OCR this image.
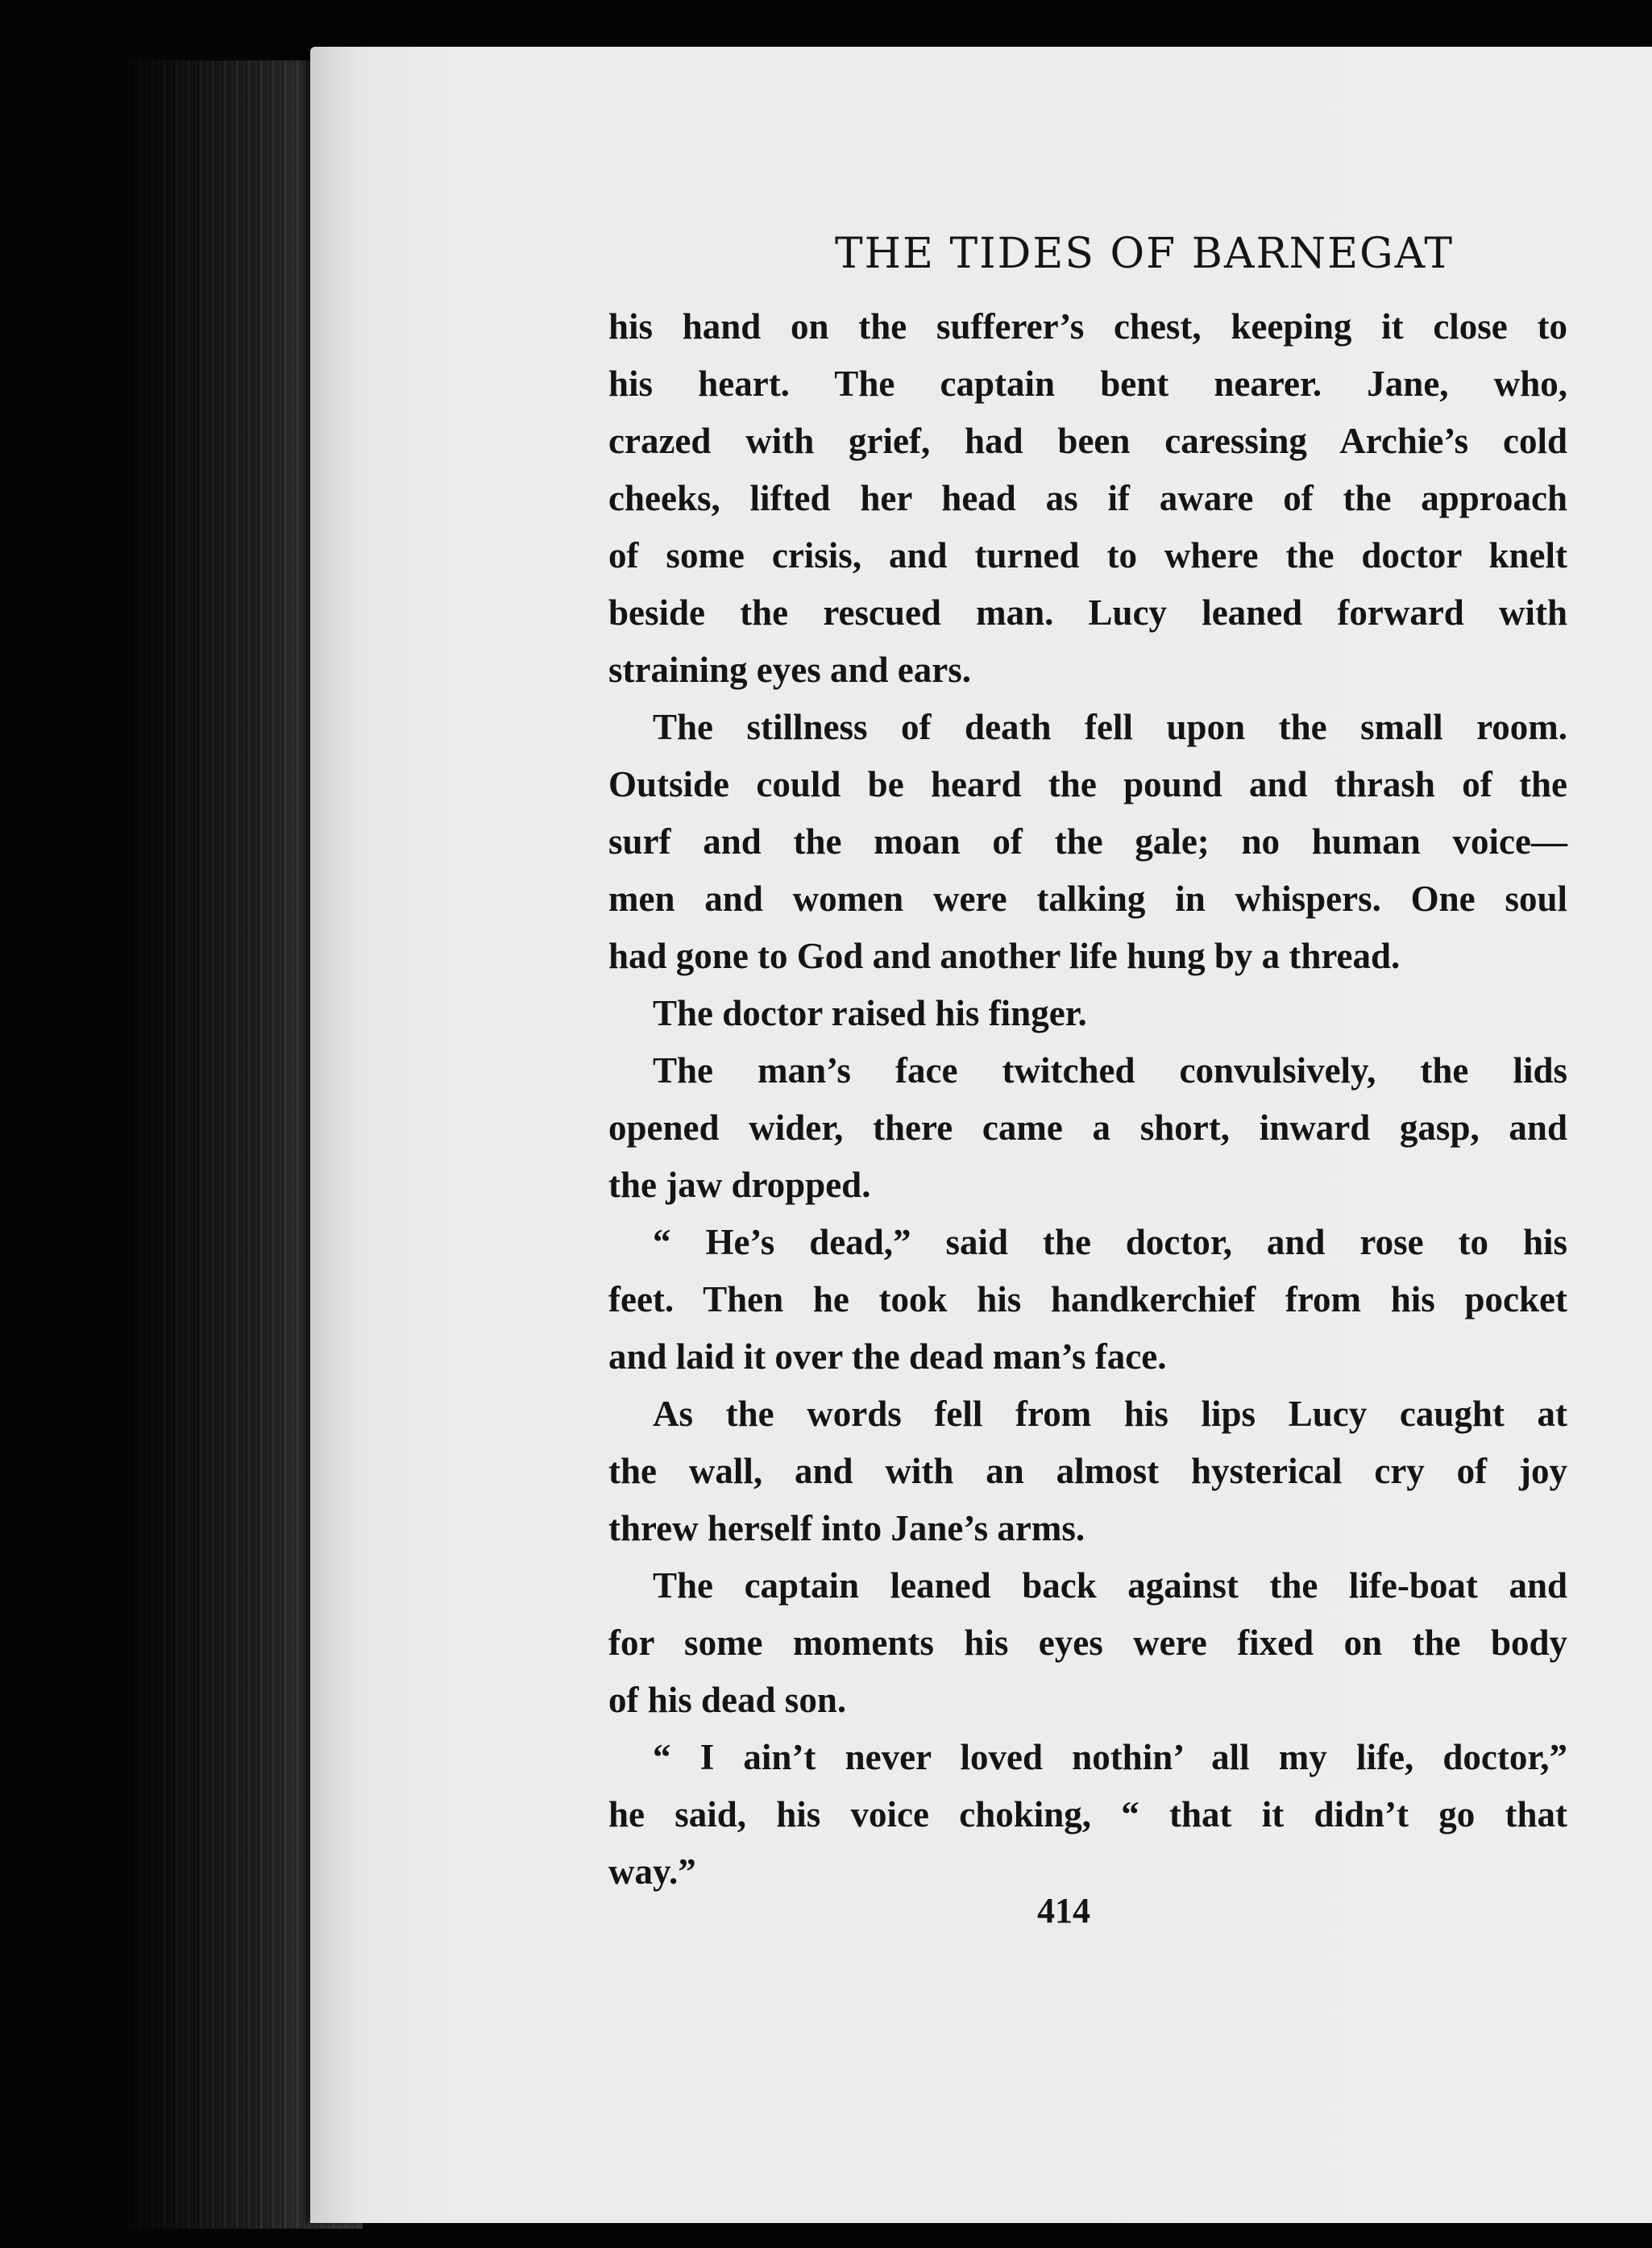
THE TIDES OF BARNEGAT

his hand on the sufferer’s chest, keeping it close to

his heart. The captain bent nearer. Jane, who,

crazed with grief, had been caressing Archie’s cold

cheeks, lifted her head as if aware of the approach

of some crisis, and turned to where the doctor knelt

beside the rescued man. Lucy leaned forward with

straining eyes and ears.

The stillness of death fell upon the small room.

Outside could be heard the pound and thrash of the

surf and the moan of the gale; no human voice—

men and women were talking in whispers. One soul

had gone to God and another life hung by a thread.

The doctor raised his finger.

The man’s face twitched convulsively, the lids

opened wider, there came a short, inward gasp, and

the jaw dropped.

“ He’s dead,” said the doctor, and rose to his

feet. Then he took his handkerchief from his pocket

and laid it over the dead man’s face.

As the words fell from his lips Lucy caught at

the wall, and with an almost hysterical cry of joy

threw herself into Jane’s arms.

The captain leaned back against the life-boat and

for some moments his eyes were fixed on the body

of his dead son.

“ I ain’t never loved nothin’ all my life, doctor,”

he said, his voice choking, “ that it didn’t go that

way.”

414
